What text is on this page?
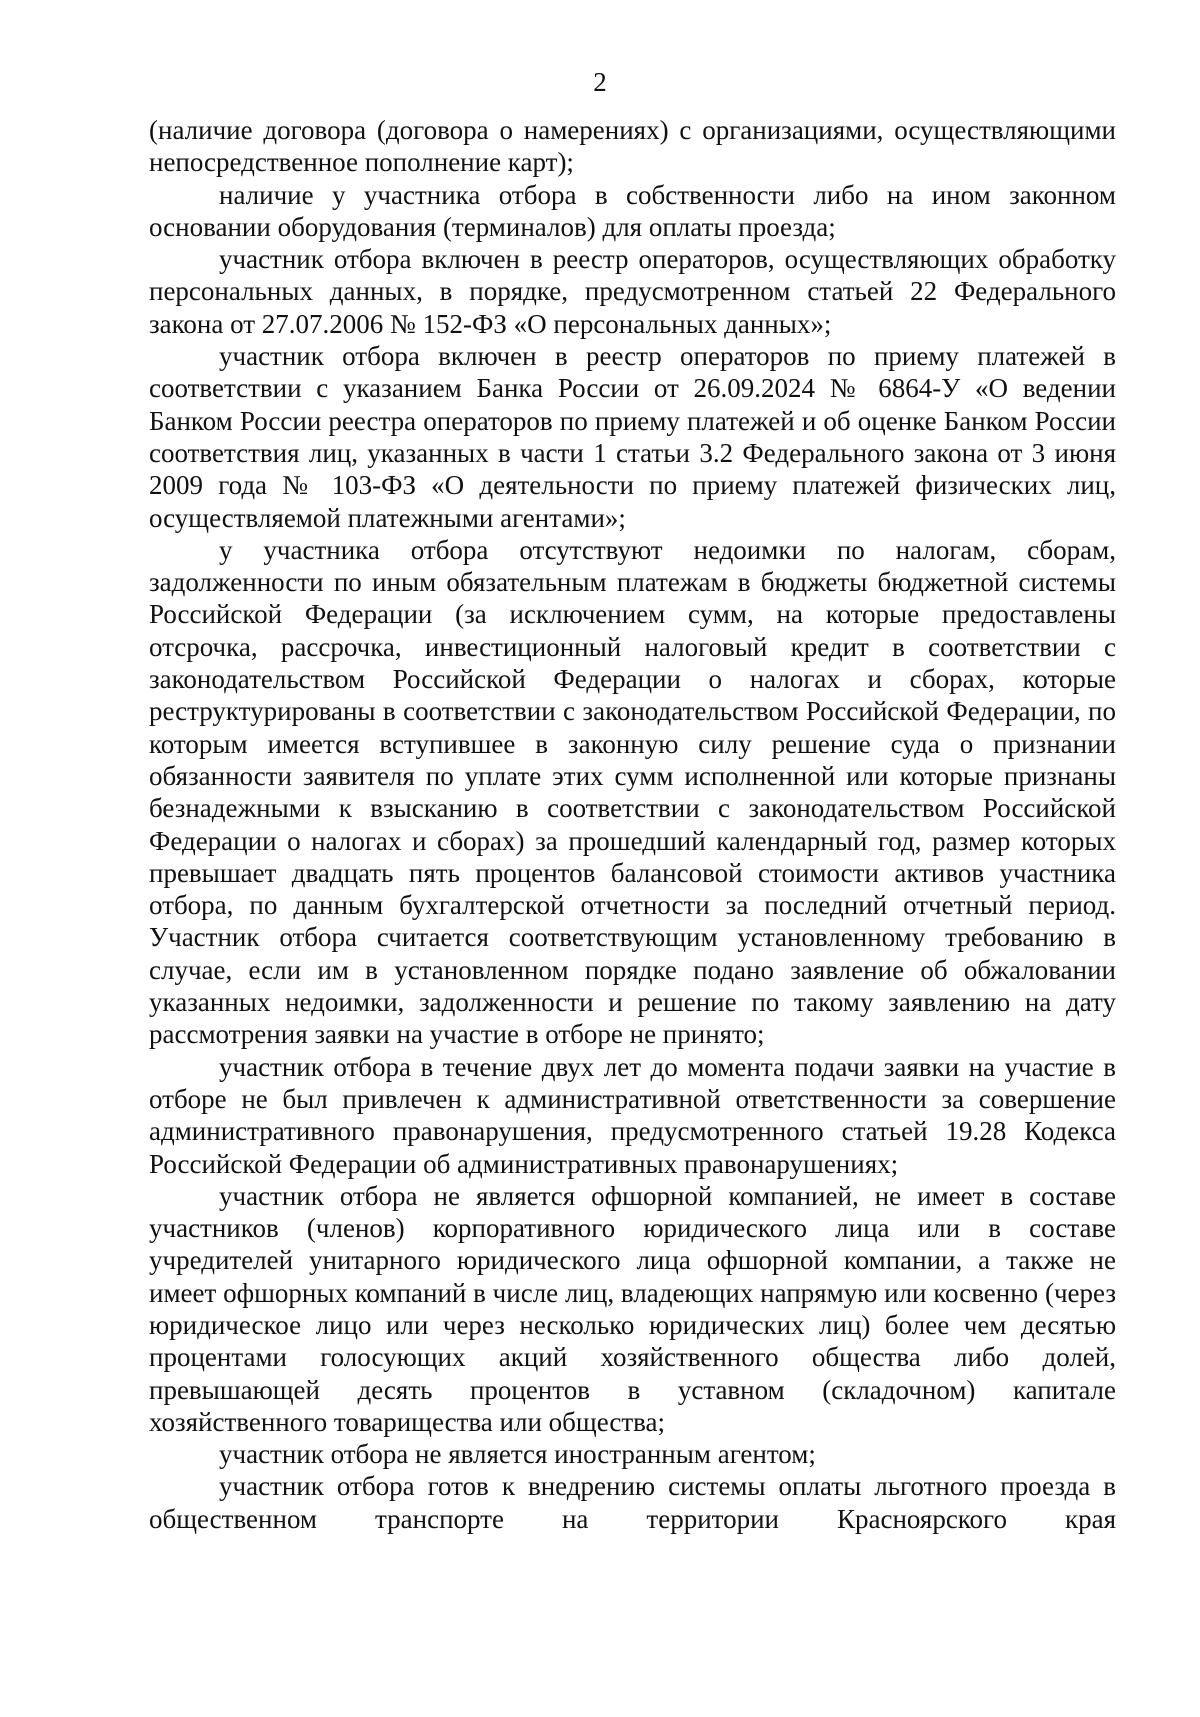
2

(наличие договора (договора о намерениях) с организациями, осуществляющими непосредственное пополнение карт);

наличие у участника отбора в собственности либо на ином законном основании оборудования (терминалов) для оплаты проезда;

участник отбора включен в реестр операторов, осуществляющих обработку персональных данных, в порядке, предусмотренном статьей 22 Федерального закона от 27.07.2006 № 152-ФЗ «О персональных данных»;

участник отбора включен в реестр операторов по приему платежей в соответствии с указанием Банка России от 26.09.2024 № 6864-У «О ведении Банком России реестра операторов по приему платежей и об оценке Банком России соответствия лиц, указанных в части 1 статьи 3.2 Федерального закона от 3 июня 2009 года № 103-ФЗ «О деятельности по приему платежей физических лиц, осуществляемой платежными агентами»;

у участника отбора отсутствуют недоимки по налогам, сборам, задолженности по иным обязательным платежам в бюджеты бюджетной системы Российской Федерации (за исключением сумм, на которые предоставлены отсрочка, рассрочка, инвестиционный налоговый кредит в соответствии с законодательством Российской Федерации о налогах и сборах, которые реструктурированы в соответствии с законодательством Российской Федерации, по которым имеется вступившее в законную силу решение суда о признании обязанности заявителя по уплате этих сумм исполненной или которые признаны безнадежными к взысканию в соответствии с законодательством Российской Федерации о налогах и сборах) за прошедший календарный год, размер которых превышает двадцать пять процентов балансовой стоимости активов участника отбора, по данным бухгалтерской отчетности за последний отчетный период. Участник отбора считается соответствующим установленному требованию в случае, если им в установленном порядке подано заявление об обжаловании указанных недоимки, задолженности и решение по такому заявлению на дату рассмотрения заявки на участие в отборе не принято;

участник отбора в течение двух лет до момента подачи заявки на участие в отборе не был привлечен к административной ответственности за совершение административного правонарушения, предусмотренного статьей 19.28 Кодекса Российской Федерации об административных правонарушениях;

участник отбора не является офшорной компанией, не имеет в составе участников (членов) корпоративного юридического лица или в составе учредителей унитарного юридического лица офшорной компании, а также не имеет офшорных компаний в числе лиц, владеющих напрямую или косвенно (через юридическое лицо или через несколько юридических лиц) более чем десятью процентами голосующих акций хозяйственного общества либо долей, превышающей десять процентов в уставном (складочном) капитале хозяйственного товарищества или общества;

участник отбора не является иностранным агентом;

участник отбора готов к внедрению системы оплаты льготного проезда в общественном транспорте на территории Красноярского края
